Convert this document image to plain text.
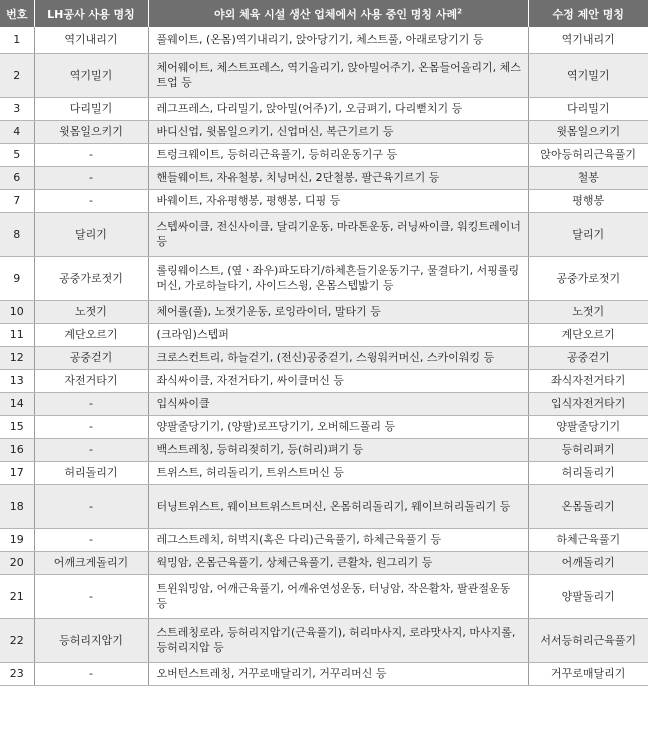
번호	LH공사 사용 명칭	야외 체육 시설 생산 업체에서 사용 중인 명칭 사례$^2$	수정 제안 명칭
1	역기내리기	풀웨이트, (온몸)역기내리기, 앉아당기기, 체스트풀, 아래로당기기 등	역기내리기
2	역기밀기	체어웨이트, 체스트프레스, 역기올리기, 앉아밀어주기, 온몸들어올리기, 체스트업 등	역기밀기
3	다리밀기	레그프레스, 다리밀기, 앉아밀(어주)기, 오금펴기, 다리뻗치기 등	다리밀기
4	윗몸일으키기	바디신업, 윗몸일으키기, 신업머신, 복근기르기 등	윗몸일으키기
5	-	트렁크웨이트, 등허리근육풀기, 등허리운동기구 등	앉아등허리근육풀기
6	-	핸들웨이트, 자유철봉, 치닝머신, 2단철봉, 팔근육기르기 등	철봉
7	-	바웨이트, 자유평행봉, 평행봉, 디핑 등	평행봉
8	달리기	스텝싸이클, 전신사이클, 달리기운동, 마라톤운동, 러닝싸이클, 워킹트레이너 등	달리기
9	공중가로젓기	롤링웨이스트, (옆ㆍ좌우)파도타기/하체흔들기운동기구, 물결타기, 서핑롤링머신, 가로하늘타기, 사이드스윙, 온몸스텝밟기 등	공중가로젓기
10	노젓기	체어롤(풀), 노젓기운동, 로잉라이더, 말타기 등	노젓기
11	계단오르기	(크라임)스텝퍼	계단오르기
12	공중걷기	크로스컨트리, 하늘걷기, (전신)공중걷기, 스윙워커머신, 스카이워킹 등	공중걷기
13	자전거타기	좌식싸이클, 자전거타기, 싸이클머신 등	좌식자전거타기
14	-	입식싸이클	입식자전거타기
15	-	양팔줄당기기, (양팔)로프당기기, 오버헤드풀리 등	양팔줄당기기
16	-	백스트레칭, 등허리젖히기, 등(허리)펴기 등	등허리펴기
17	허리돌리기	트위스트, 허리돌리기, 트위스트머신 등	허리돌리기
18	-	터닝트위스트, 웨이브트위스트머신, 온몸허리돌리기, 웨이브허리돌리기 등	온몸돌리기
19	-	레그스트레치, 허벅지(혹은 다리)근육풀기, 하체근육풀기 등	하체근육풀기
20	어깨크게돌리기	웍밍암, 온몸근육풀기, 상체근육풀기, 큰활차, 원그리기 등	어깨돌리기
21	-	트윈워밍암, 어깨근육풀기, 어깨유연성운동, 터닝암, 작은활차, 팔관절운동 등	양팔돌리기
22	등허리지압기	스트레칭로라, 등허리지압기(근육풀기), 허리마사지, 로라맛사지, 마사지롤, 등허리지압 등	서서등허리근육풀기
23	-	오버턴스트레칭, 거꾸로매달리기, 거꾸리머신 등	거꾸로매달리기
